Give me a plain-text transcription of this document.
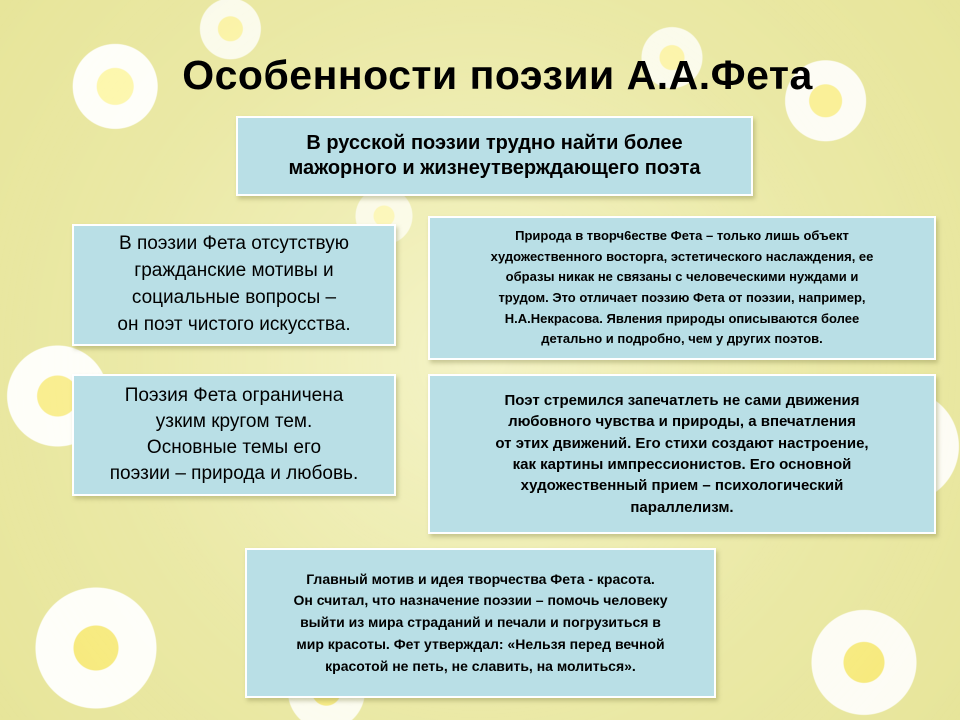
Особенности поэзии А.А.Фета
В русской поэзии трудно найти более
мажорного и жизнеутверждающего поэта
В поэзии Фета отсутствую
гражданские мотивы и
социальные вопросы –
он поэт чистого искусства.
Природа в творч6естве Фета – только лишь объект
художественного восторга, эстетического наслаждения, ее
образы никак не связаны с человеческими нуждами и
трудом. Это отличает поэзию Фета от поэзии, например,
Н.А.Некрасова. Явления природы описываются более
детально и подробно, чем у других поэтов.
Поэзия Фета ограничена
узким кругом тем.
Основные темы его
поэзии – природа и любовь.
Поэт стремился запечатлеть не сами движения
любовного чувства и природы, а впечатления
от этих движений. Его стихи создают настроение,
как картины импрессионистов. Его основной
художественный прием – психологический
параллелизм.
Главный мотив и идея творчества Фета - красота.
Он считал, что назначение поэзии – помочь человеку
выйти из мира страданий и печали и погрузиться в
мир красоты. Фет утверждал: «Нельзя перед вечной
красотой не петь, не славить, на молиться».
